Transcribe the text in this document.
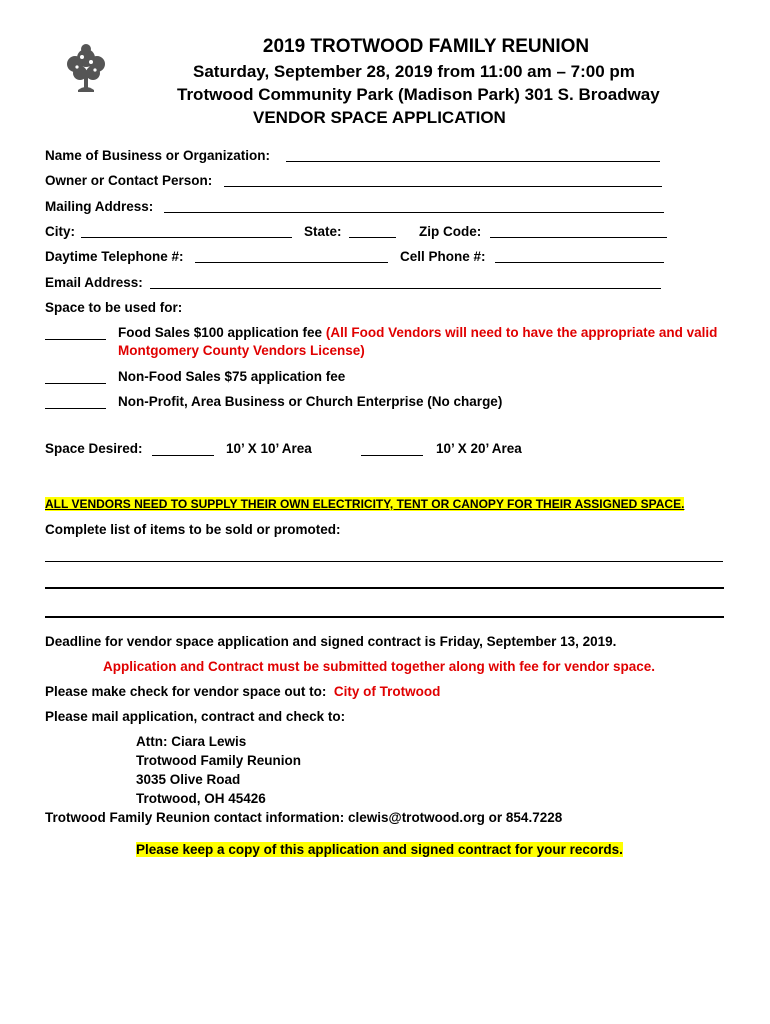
2019 TROTWOOD FAMILY REUNION
Saturday, September 28, 2019 from 11:00 am – 7:00 pm
Trotwood Community Park (Madison Park) 301 S. Broadway
VENDOR SPACE APPLICATION
Name of Business or Organization:
Owner or Contact Person:
Mailing Address:
City:	State:	Zip Code:
Daytime Telephone #:	Cell Phone #:
Email Address:
Space to be used for:
Food Sales $100 application fee (All Food Vendors will need to have the appropriate and valid
Montgomery County Vendors License)
Non-Food Sales $75 application fee
Non-Profit, Area Business or Church Enterprise (No charge)
Space Desired:	10’ X 10’ Area	10’ X 20’ Area
ALL VENDORS NEED TO SUPPLY THEIR OWN ELECTRICITY, TENT OR CANOPY FOR THEIR ASSIGNED SPACE.
Complete list of items to be sold or promoted:
Deadline for vendor space application and signed contract is Friday, September 13, 2019.
Application and Contract must be submitted together along with fee for vendor space.
Please make check for vendor space out to: City of Trotwood
Please mail application, contract and check to:
Attn: Ciara Lewis
Trotwood Family Reunion
3035 Olive Road
Trotwood, OH 45426
Trotwood Family Reunion contact information: clewis@trotwood.org or 854.7228
Please keep a copy of this application and signed contract for your records.
